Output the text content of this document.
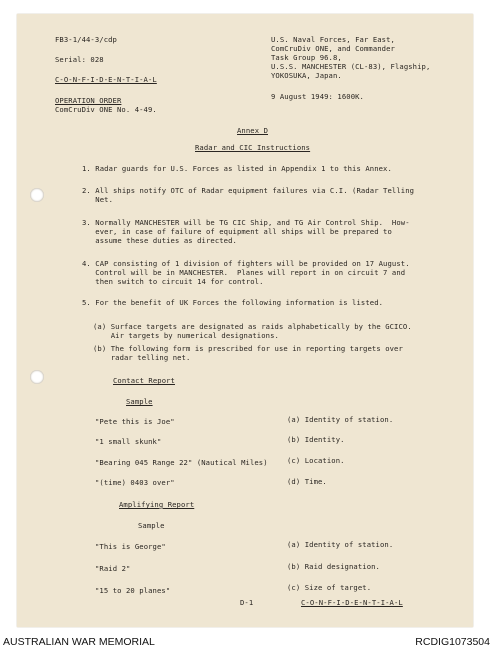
FB3-1/44-3/cdp
Serial: 028
C-O-N-F-I-D-E-N-T-I-A-L
OPERATION ORDER
ComCruDiv ONE No. 4-49.
U.S. Naval Forces, Far East,
ComCruDiv ONE, and Commander
Task Group 96.8,
U.S.S. MANCHESTER (CL-83), Flagship,
YOKOSUKA, Japan.
9 August 1949: 1600K.
Annex D
Radar and CIC Instructions
1. Radar guards for U.S. Forces as listed in Appendix 1 to this Annex.
2. All ships notify OTC of Radar equipment failures via C.I. (Radar Telling
Net.
3. Normally MANCHESTER will be TG CIC Ship, and TG Air Control Ship.  How-
ever, in case of failure of equipment all ships will be prepared to
assume these duties as directed.
4. CAP consisting of 1 division of fighters will be provided on 17 August.
Control will be in MANCHESTER.  Planes will report in on circuit 7 and
then switch to circuit 14 for control.
5. For the benefit of UK Forces the following information is listed.
(a) Surface targets are designated as raids alphabetically by the GCICO.
Air targets by numerical designations.
(b) The following form is prescribed for use in reporting targets over
radar telling net.
Contact Report
Sample
"Pete this is Joe"	(a) Identity of station.
"1 small skunk"	(b) Identity.
"Bearing 045 Range 22" (Nautical Miles)	(c) Location.
"(time) 0403 over"	(d) Time.
Amplifying Report
Sample
"This is George"	(a) Identity of station.
"Raid 2"	(b) Raid designation.
"15 to 20 planes"	(c) Size of target.
D-1	C-O-N-F-I-D-E-N-T-I-A-L
AUSTRALIAN WAR MEMORIAL	RCDIG1073504
